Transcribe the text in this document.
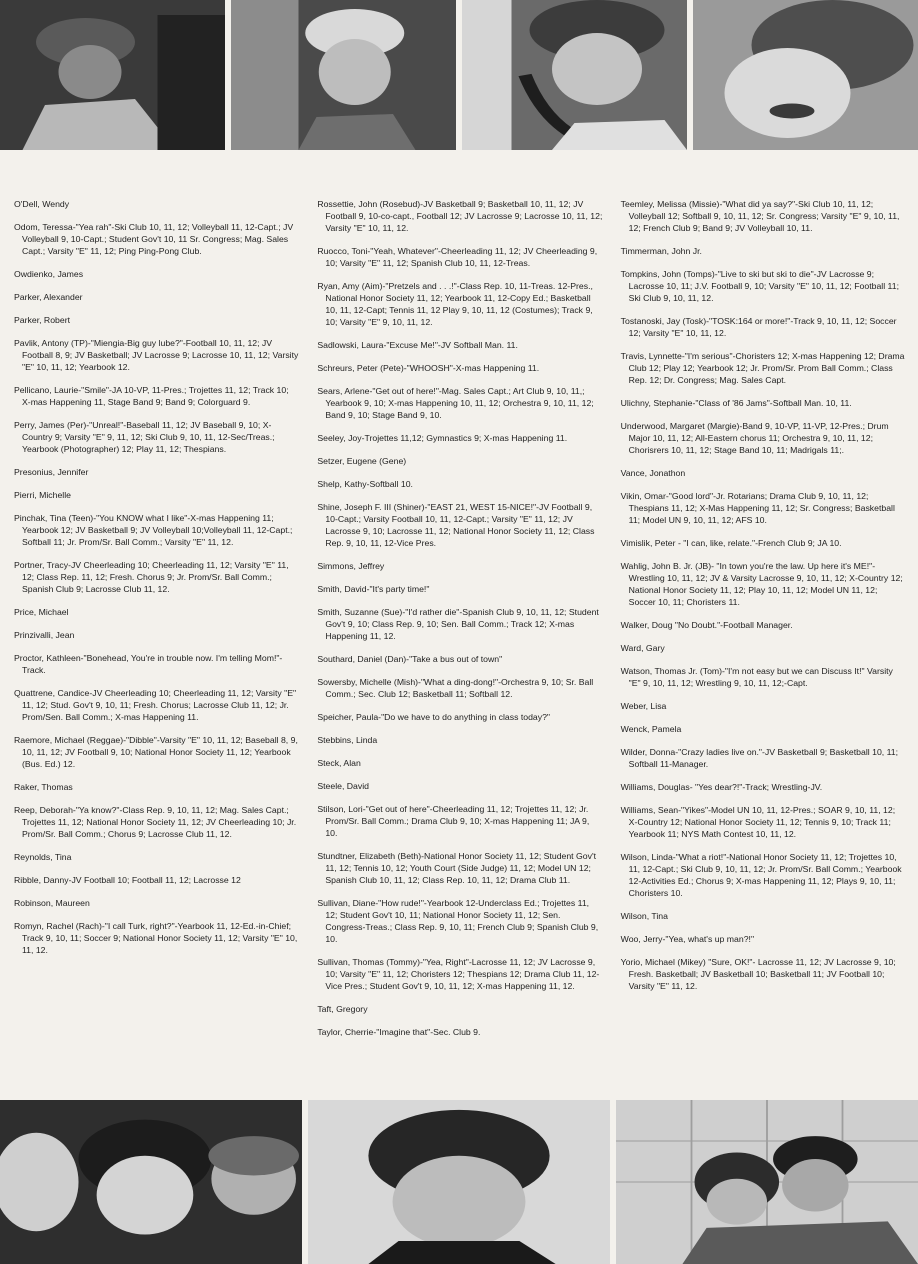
O'Dell, Wendy

Odom, Teressa-"Yea rah"-Ski Club 10, 11, 12; Volleyball 11, 12-Capt.; JV Volleyball 9, 10-Capt.; Student Gov't 10, 11 Sr. Congress; Mag. Sales Capt.; Varsity "E" 11, 12; Ping Ping-Pong Club.

Owdienko, James

Parker, Alexander

Parker, Robert

Pavlik, Antony (TP)-"Miengia-Big guy lube?"-Football 10, 11, 12; JV Football 8, 9; JV Basketball; JV Lacrosse 9; Lacrosse 10, 11, 12; Varsity "E" 10, 11, 12; Yearbook 12.

Pellicano, Laurie-"Smile"-JA 10-VP, 11-Pres.; Trojettes 11, 12; Track 10; X-mas Happening 11, Stage Band 9; Band 9; Colorguard 9.

Perry, James (Per)-"Unreal!"-Baseball 11, 12; JV Baseball 9, 10; X-Country 9; Varsity "E" 9, 11, 12; Ski Club 9, 10, 11, 12-Sec/Treas.; Yearbook (Photographer) 12; Play 11, 12; Thespians.

Presonius, Jennifer

Pierri, Michelle

Pinchak, Tina (Teen)-"You KNOW what I like"-X-mas Happening 11; Yearbook 12; JV Basketball 9; JV Volleyball 10;Volleyball 11, 12-Capt.; Softball 11; Jr. Prom/Sr. Ball Comm.; Varsity "E" 11, 12.

Portner, Tracy-JV Cheerleading 10; Cheerleading 11, 12; Varsity "E" 11, 12; Class Rep. 11, 12; Fresh. Chorus 9; Jr. Prom/Sr. Ball Comm.; Spanish Club 9; Lacrosse Club 11, 12.

Price, Michael

Prinzivalli, Jean

Proctor, Kathleen-"Bonehead, You're in trouble now. I'm telling Mom!"-Track.

Quattrene, Candice-JV Cheerleading 10; Cheerleading 11, 12; Varsity "E" 11, 12; Stud. Gov't 9, 10, 11; Fresh. Chorus; Lacrosse Club 11, 12; Jr. Prom/Sen. Ball Comm.; X-mas Happening 11.

Raemore, Michael (Reggae)-"Dibble"-Varsity "E" 10, 11, 12; Baseball 8, 9, 10, 11, 12; JV Football 9, 10; National Honor Society 11, 12; Yearbook (Bus. Ed.) 12.

Raker, Thomas

Reep, Deborah-"Ya know?"-Class Rep. 9, 10, 11, 12; Mag. Sales Capt.; Trojettes 11, 12; National Honor Society 11, 12; JV Cheerleading 10; Jr. Prom/Sr. Ball Comm.; Chorus 9; Lacrosse Club 11, 12.

Reynolds, Tina

Ribble, Danny-JV Football 10; Football 11, 12; Lacrosse 12

Robinson, Maureen

Romyn, Rachel (Rach)-"I call Turk, right?"-Yearbook 11, 12-Ed.-in-Chief; Track 9, 10, 11; Soccer 9; National Honor Society 11, 12; Varsity "E" 10, 11, 12.

Rossettie, John (Rosebud)-JV Basketball 9; Basketball 10, 11, 12; JV Football 9, 10-co-capt., Football 12; JV Lacrosse 9; Lacrosse 10, 11, 12; Varsity "E" 10, 11, 12.

Ruocco, Toni-"Yeah, Whatever"-Cheerleading 11, 12; JV Cheerleading 9, 10; Varsity "E" 11, 12; Spanish Club 10, 11, 12-Treas.

Ryan, Amy (Aim)-"Pretzels and . . .!"-Class Rep. 10, 11-Treas. 12-Pres., National Honor Society 11, 12; Yearbook 11, 12-Copy Ed.; Basketball 10, 11, 12-Capt; Tennis 11, 12 Play 9, 10, 11, 12 (Costumes); Track 9, 10; Varsity "E" 9, 10, 11, 12.

Sadlowski, Laura-"Excuse Me!"-JV Softball Man. 11.

Schreurs, Peter (Pete)-"WHOOSH"-X-mas Happening 11.

Sears, Arlene-"Get out of here!"-Mag. Sales Capt.; Art Club 9, 10, 11,; Yearbook 9, 10; X-mas Happening 10, 11, 12; Orchestra 9, 10, 11, 12; Band 9, 10; Stage Band 9, 10.

Seeley, Joy-Trojettes 11,12; Gymnastics 9; X-mas Happening 11.

Setzer, Eugene (Gene)

Shelp, Kathy-Softball 10.

Shine, Joseph F. III (Shiner)-"EAST 21, WEST 15-NICE!"-JV Football 9, 10-Capt.; Varsity Football 10, 11, 12-Capt.; Varsity "E" 11, 12; JV Lacrosse 9, 10; Lacrosse 11, 12; National Honor Society 11, 12; Class Rep. 9, 10, 11, 12-Vice Pres.

Simmons, Jeffrey

Smith, David-"It's party time!"

Smith, Suzanne (Sue)-"I'd rather die"-Spanish Club 9, 10, 11, 12; Student Gov't 9, 10; Class Rep. 9, 10; Sen. Ball Comm.; Track 12; X-mas Happening 11, 12.

Southard, Daniel (Dan)-"Take a bus out of town"

Sowersby, Michelle (Mish)-"What a ding-dong!"-Orchestra 9, 10; Sr. Ball Comm.; Sec. Club 12; Basketball 11; Softball 12.

Speicher, Paula-"Do we have to do anything in class today?"

Stebbins, Linda

Steck, Alan

Steele, David

Stilson, Lori-"Get out of here"-Cheerleading 11, 12; Trojettes 11, 12; Jr. Prom/Sr. Ball Comm.; Drama Club 9, 10; X-mas Happening 11; JA 9, 10.

Stundtner, Elizabeth (Beth)-National Honor Society 11, 12; Student Gov't 11, 12; Tennis 10, 12; Youth Court (Side Judge) 11, 12; Model UN 12; Spanish Club 10, 11, 12; Class Rep. 10, 11, 12; Drama Club 11.

Sullivan, Diane-"How rude!"-Yearbook 12-Underclass Ed.; Trojettes 11, 12; Student Gov't 10, 11; National Honor Society 11, 12; Sen. Congress-Treas.; Class Rep. 9, 10, 11; French Club 9; Spanish Club 9, 10.

Sullivan, Thomas (Tommy)-"Yea, Right"-Lacrosse 11, 12; JV Lacrosse 9, 10; Varsity "E" 11, 12; Choristers 12; Thespians 12; Drama Club 11, 12-Vice Pres.; Student Gov't 9, 10, 11, 12; X-mas Happening 11, 12.

Taft, Gregory

Taylor, Cherrie-"Imagine that"-Sec. Club 9.

Teemley, Melissa (Missie)-"What did ya say?"-Ski Club 10, 11, 12; Volleyball 12; Softball 9, 10, 11, 12; Sr. Congress; Varsity "E" 9, 10, 11, 12; French Club 9; Band 9; JV Volleyball 10, 11.

Timmerman, John Jr.

Tompkins, John (Tomps)-"Live to ski but ski to die"-JV Lacrosse 9; Lacrosse 10, 11; J.V. Football 9, 10; Varsity "E" 10, 11, 12; Football 11; Ski Club 9, 10, 11, 12.

Tostanoski, Jay (Tosk)-"TOSK:164 or more!"-Track 9, 10, 11, 12; Soccer 12; Varsity "E" 10, 11, 12.

Travis, Lynnette-"I'm serious"-Choristers 12; X-mas Happening 12; Drama Club 12; Play 12; Yearbook 12; Jr. Prom/Sr. Prom Ball Comm.; Class Rep. 12; Dr. Congress; Mag. Sales Capt.

Ulichny, Stephanie-"Class of '86 Jams"-Softball Man. 10, 11.

Underwood, Margaret (Margie)-Band 9, 10-VP, 11-VP, 12-Pres.; Drum Major 10, 11, 12; All-Eastern chorus 11; Orchestra 9, 10, 11, 12; Chorisrers 10, 11, 12; Stage Band 10, 11; Madrigals 11;.

Vance, Jonathon

Vikin, Omar-"Good lord"-Jr. Rotarians; Drama Club 9, 10, 11, 12; Thespians 11, 12; X-Mas Happening 11, 12; Sr. Congress; Basketball 11; Model UN 9, 10, 11, 12; AFS 10.

Vimislik, Peter - "I can, like, relate."-French Club 9; JA 10.

Wahlig, John B. Jr. (JB)- "In town you're the law. Up here it's ME!"-Wrestling 10, 11, 12; JV & Varsity Lacrosse 9, 10, 11, 12; X-Country 12; National Honor Society 11, 12; Play 10, 11, 12; Model UN 11, 12; Soccer 10, 11; Choristers 11.

Walker, Doug "No Doubt."-Football Manager.

Ward, Gary

Watson, Thomas Jr. (Tom)-"I'm not easy but we can Discuss It!" Varsity "E" 9, 10, 11, 12; Wrestling 9, 10, 11, 12;-Capt.

Weber, Lisa

Wenck, Pamela

Wilder, Donna-"Crazy ladies live on."-JV Basketball 9; Basketball 10, 11; Softball 11-Manager.

Williams, Douglas- "Yes dear?!"-Track; Wrestling-JV.

Williams, Sean-"Yikes"-Model UN 10, 11, 12-Pres.; SOAR 9, 10, 11, 12; X-Country 12; National Honor Society 11, 12; Tennis 9, 10; Track 11; Yearbook 11; NYS Math Contest 10, 11, 12.

Wilson, Linda-"What a riot!"-National Honor Society 11, 12; Trojettes 10, 11, 12-Capt.; Ski Club 9, 10, 11, 12; Jr. Prom/Sr. Ball Comm.; Yearbook 12-Activities Ed.; Chorus 9; X-mas Happening 11, 12; Plays 9, 10, 11; Choristers 10.

Wilson, Tina

Woo, Jerry-"Yea, what's up man?!"

Yorio, Michael (Mikey) "Sure, OK!"- Lacrosse 11, 12; JV Lacrosse 9, 10; Fresh. Basketball; JV Basketball 10; Basketball 11; JV Football 10; Varsity "E" 11, 12.
